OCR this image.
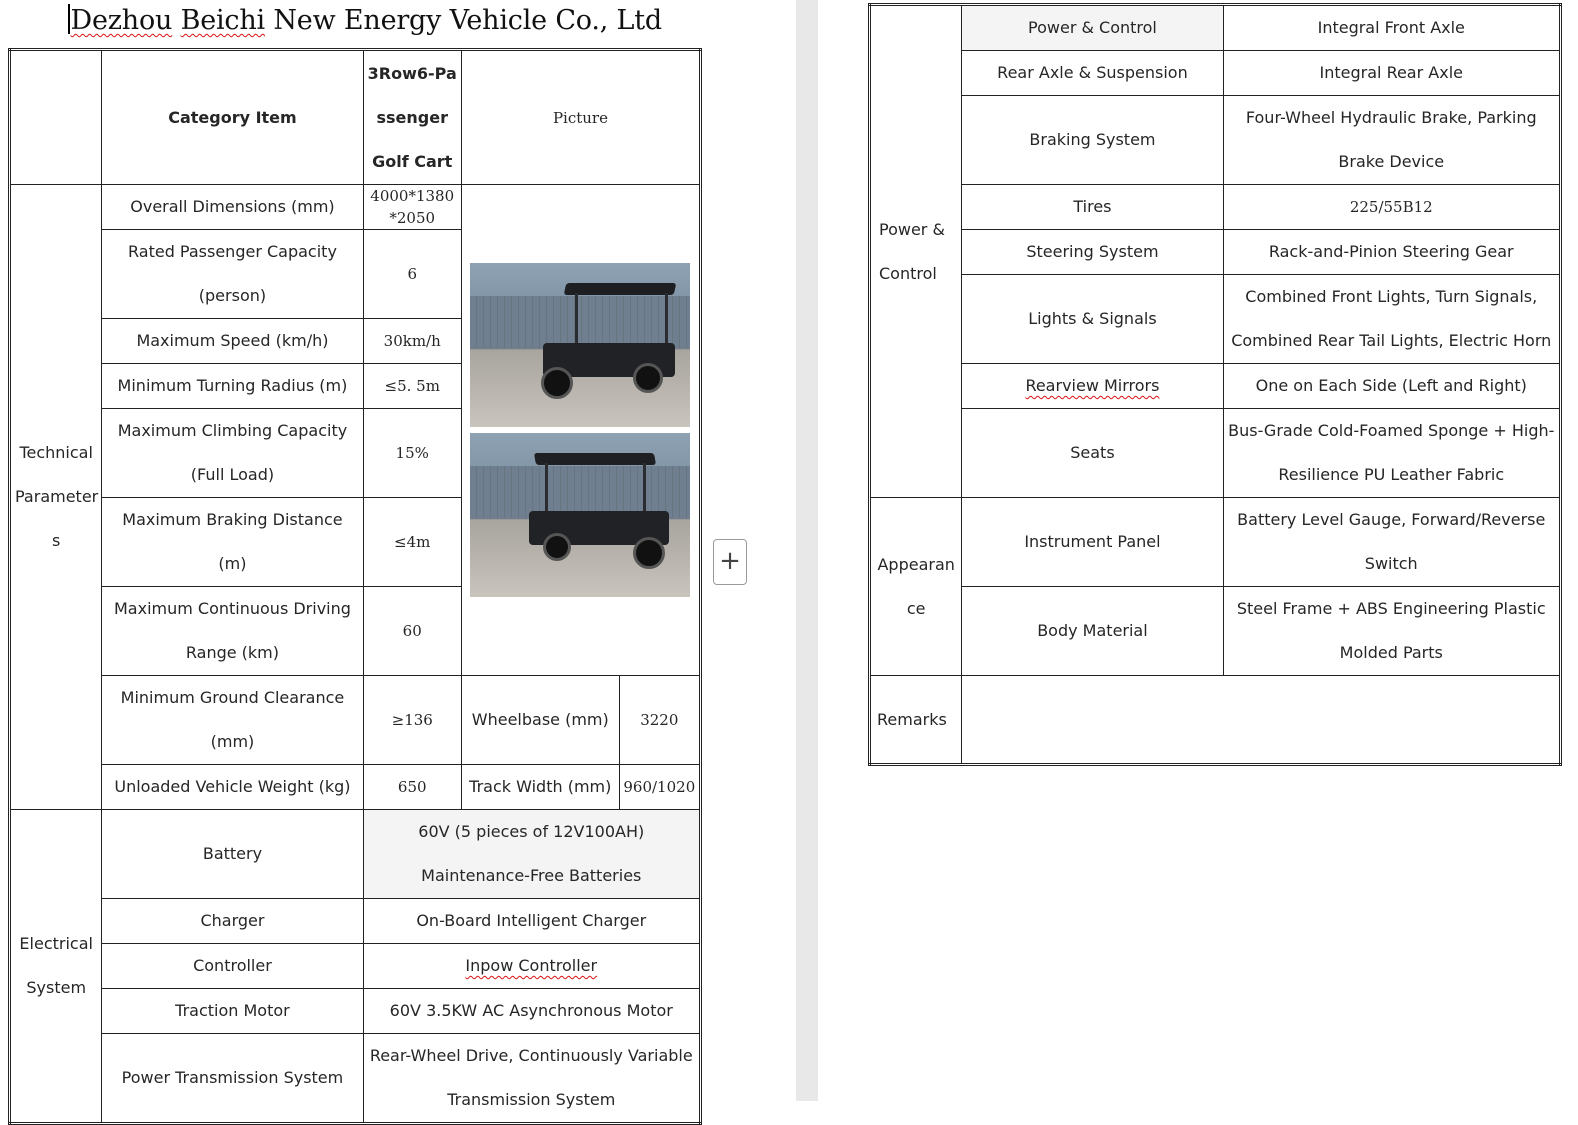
Dezhou Beichi New Energy Vehicle Co., Ltd
	Category Item	3Row6-Pa ssenger Golf Cart	Picture	
Technical Parameter s	Overall Dimensions (mm)	4000*1380 *2050		

	Rated Passenger Capacity (person)	6		
	Maximum Speed (km/h)	30km/h		
	Minimum Turning Radius (m)	≤5. 5m		
	Maximum Climbing Capacity (Full Load)	15%		
	Maximum Braking Distance (m)	≤4m		
	Maximum Continuous Driving Range (km)	60		
	Minimum Ground Clearance (mm)	≥136	Wheelbase (mm)	3220
	Unloaded Vehicle Weight (kg)	650	Track Width (mm)	960/1020
Electrical System	Battery	60V (5 pieces of 12V100AH) Maintenance-Free Batteries		
	Charger	On-Board Intelligent Charger		
	Controller	Inpow Controller		
	Traction Motor	60V 3.5KW AC Asynchronous Motor		
	Power Transmission System	Rear-Wheel Drive, Continuously Variable Transmission System		
+
Power & Control	Power & Control	Integral Front Axle
	Rear Axle & Suspension	Integral Rear Axle
	Braking System	Four-Wheel Hydraulic Brake, Parking Brake Device
	Tires	225/55B12
	Steering System	Rack-and-Pinion Steering Gear
	Lights & Signals	Combined Front Lights, Turn Signals, Combined Rear Tail Lights, Electric Horn
	Rearview Mirrors	One on Each Side (Left and Right)
	Seats	Bus-Grade Cold-Foamed Sponge + High-Resilience PU Leather Fabric
Appearan ce	Instrument Panel	Battery Level Gauge, Forward/Reverse Switch
	Body Material	Steel Frame + ABS Engineering Plastic Molded Parts
Remarks		
